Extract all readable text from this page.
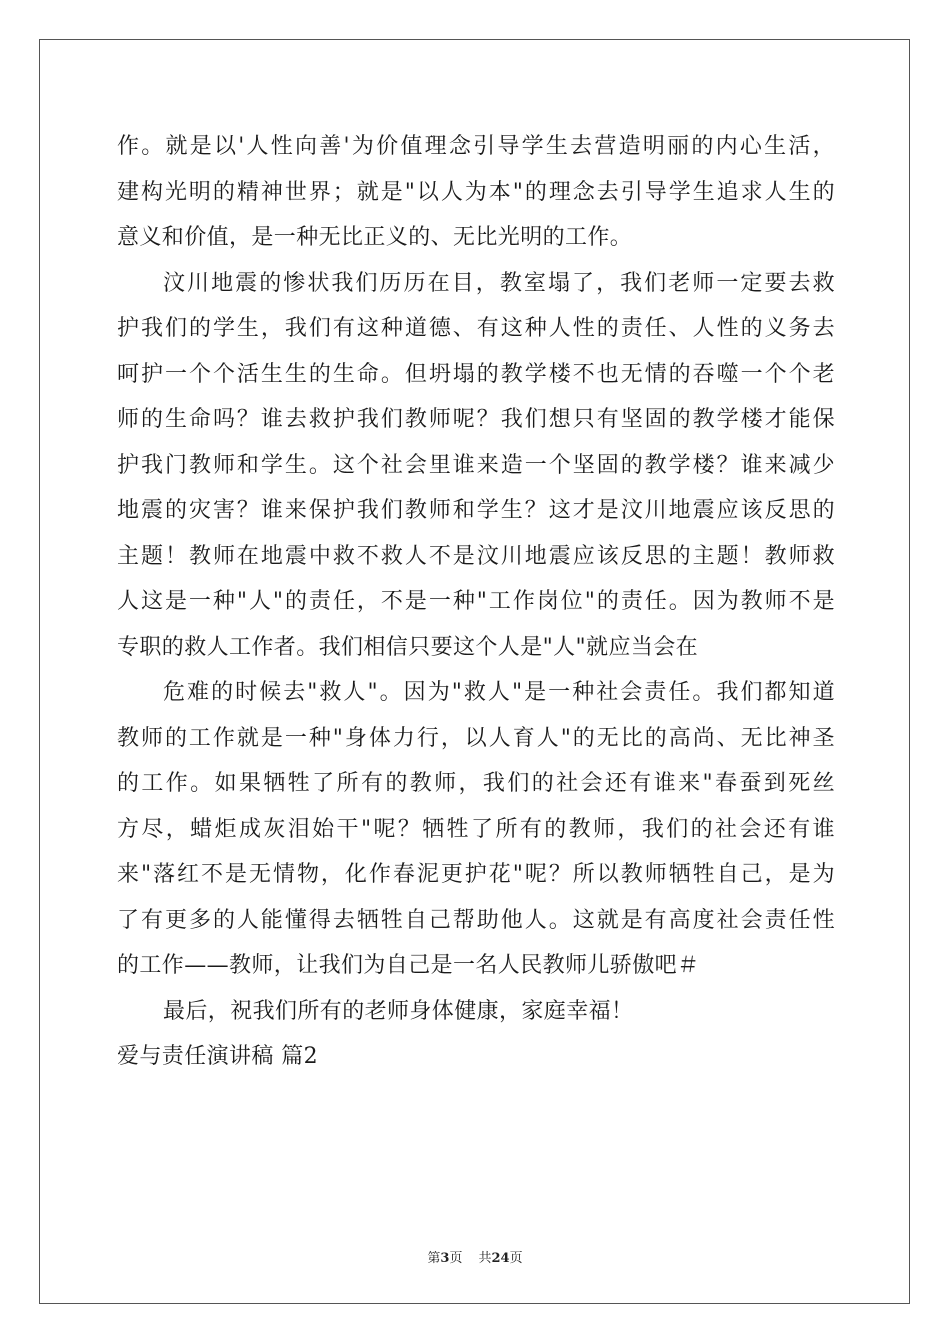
作。就是以'人性向善'为价值理念引导学生去营造明丽的内心生活，
建构光明的精神世界；就是"以人为本"的理念去引导学生追求人生的
意义和价值，是一种无比正义的、无比光明的工作。
汶川地震的惨状我们历历在目，教室塌了，我们老师一定要去救
护我们的学生，我们有这种道德、有这种人性的责任、人性的义务去
呵护一个个活生生的生命。但坍塌的教学楼不也无情的吞噬一个个老
师的生命吗？谁去救护我们教师呢？我们想只有坚固的教学楼才能保
护我门教师和学生。这个社会里谁来造一个坚固的教学楼？谁来减少
地震的灾害？谁来保护我们教师和学生？这才是汶川地震应该反思的
主题！教师在地震中救不救人不是汶川地震应该反思的主题！教师救
人这是一种"人"的责任，不是一种"工作岗位"的责任。因为教师不是
专职的救人工作者。我们相信只要这个人是"人"就应当会在
危难的时候去"救人"。因为"救人"是一种社会责任。我们都知道
教师的工作就是一种"身体力行，以人育人"的无比的高尚、无比神圣
的工作。如果牺牲了所有的教师，我们的社会还有谁来"春蚕到死丝
方尽，蜡炬成灰泪始干"呢？牺牲了所有的教师，我们的社会还有谁
来"落红不是无情物，化作春泥更护花"呢？所以教师牺牲自己，是为
了有更多的人能懂得去牺牲自己帮助他人。这就是有高度社会责任性
的工作——教师，让我们为自己是一名人民教师儿骄傲吧＃
最后，祝我们所有的老师身体健康，家庭幸福！
爱与责任演讲稿 篇2
第3页 共24页
